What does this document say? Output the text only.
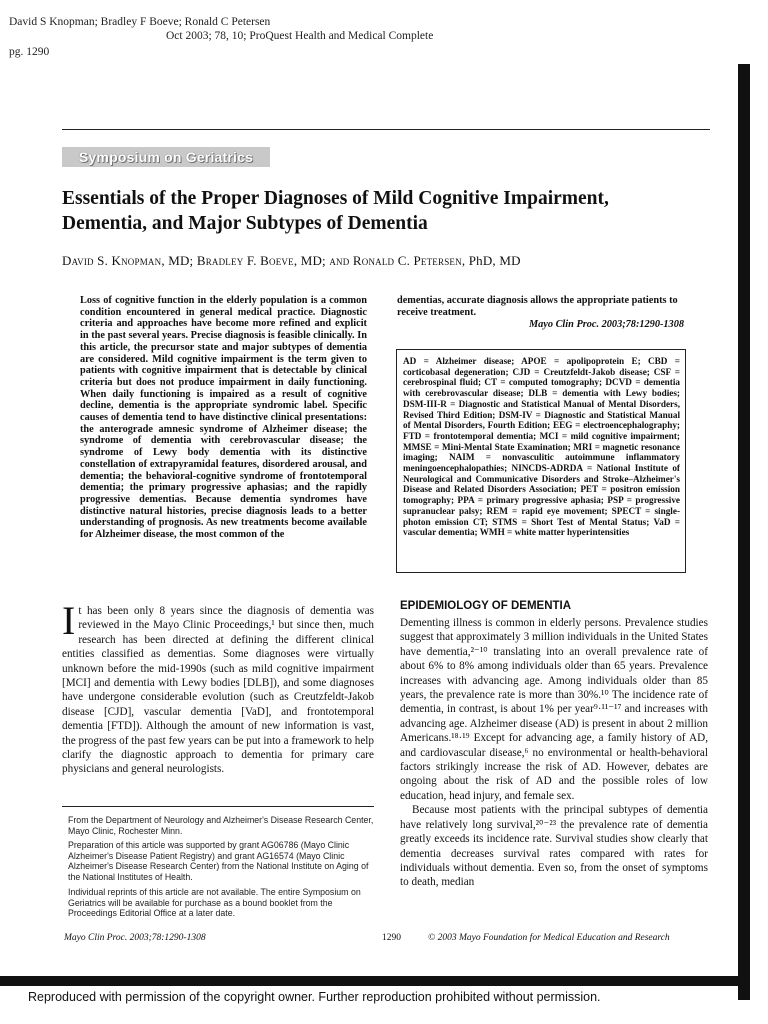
David S Knopman; Bradley F Boeve; Ronald C Petersen
Oct 2003; 78, 10; ProQuest Health and Medical Complete
pg. 1290
Symposium on Geriatrics
Essentials of the Proper Diagnoses of Mild Cognitive Impairment,
Dementia, and Major Subtypes of Dementia
David S. Knopman, MD; Bradley F. Boeve, MD; and Ronald C. Petersen, PhD, MD
Loss of cognitive function in the elderly population is a common condition encountered in general medical practice. Diagnostic criteria and approaches have become more refined and explicit in the past several years. Precise diagnosis is feasible clinically. In this article, the precursor state and major subtypes of dementia are considered. Mild cognitive impairment is the term given to patients with cognitive impairment that is detectable by clinical criteria but does not produce impairment in daily functioning. When daily functioning is impaired as a result of cognitive decline, dementia is the appropriate syndromic label. Specific causes of dementia tend to have distinctive clinical presentations: the anterograde amnesic syndrome of Alzheimer disease; the syndrome of dementia with cerebrovascular disease; the syndrome of Lewy body dementia with its distinctive constellation of extrapyramidal features, disordered arousal, and dementia; the behavioral-cognitive syndrome of frontotemporal dementia; the primary progressive aphasias; and the rapidly progressive dementias. Because dementia syndromes have distinctive natural histories, precise diagnosis leads to a better understanding of prognosis. As new treatments become available for Alzheimer disease, the most common of the
dementias, accurate diagnosis allows the appropriate patients to receive treatment.
Mayo Clin Proc. 2003;78:1290-1308
AD = Alzheimer disease; APOE = apolipoprotein E; CBD = corticobasal degeneration; CJD = Creutzfeldt-Jakob disease; CSF = cerebrospinal fluid; CT = computed tomography; DCVD = dementia with cerebrovascular disease; DLB = dementia with Lewy bodies; DSM-III-R = Diagnostic and Statistical Manual of Mental Disorders, Revised Third Edition; DSM-IV = Diagnostic and Statistical Manual of Mental Disorders, Fourth Edition; EEG = electroencephalography; FTD = frontotemporal dementia; MCI = mild cognitive impairment; MMSE = Mini-Mental State Examination; MRI = magnetic resonance imaging; NAIM = nonvasculitic autoimmune inflammatory meningoencephalopathies; NINCDS-ADRDA = National Institute of Neurological and Communicative Disorders and Stroke–Alzheimer's Disease and Related Disorders Association; PET = positron emission tomography; PPA = primary progressive aphasia; PSP = progressive supranuclear palsy; REM = rapid eye movement; SPECT = single-photon emission CT; STMS = Short Test of Mental Status; VaD = vascular dementia; WMH = white matter hyperintensities
It has been only 8 years since the diagnosis of dementia was reviewed in the Mayo Clinic Proceedings,¹ but since then, much research has been directed at defining the different clinical entities classified as dementias. Some diagnoses were virtually unknown before the mid-1990s (such as mild cognitive impairment [MCI] and dementia with Lewy bodies [DLB]), and some diagnoses have undergone considerable evolution (such as Creutzfeldt-Jakob disease [CJD], vascular dementia [VaD], and frontotemporal dementia [FTD]). Although the amount of new information is vast, the progress of the past few years can be put into a framework to help clarify the diagnostic approach to dementia for primary care physicians and general neurologists.
EPIDEMIOLOGY OF DEMENTIA

Dementing illness is common in elderly persons. Prevalence studies suggest that approximately 3 million individuals in the United States have dementia,²⁻¹⁰ translating into an overall prevalence rate of about 6% to 8% among individuals older than 65 years. Prevalence increases with advancing age. Among individuals older than 85 years, the prevalence rate is more than 30%.¹⁰ The incidence rate of dementia, in contrast, is about 1% per year⁹·¹¹⁻¹⁷ and increases with advancing age. Alzheimer disease (AD) is present in about 2 million Americans.¹⁸·¹⁹ Except for advancing age, a family history of AD, and cardiovascular disease,⁶ no environmental or health-behavioral factors strikingly increase the risk of AD. However, debates are ongoing about the risk of AD and the possible roles of low education, head injury, and female sex.

Because most patients with the principal subtypes of dementia have relatively long survival,²⁰⁻²³ the prevalence rate of dementia greatly exceeds its incidence rate. Survival studies show clearly that dementia decreases survival rates compared with rates for individuals without dementia. Even so, from the onset of symptoms to death, median

From the Department of Neurology and Alzheimer's Disease Research Center, Mayo Clinic, Rochester Minn.
Preparation of this article was supported by grant AG06786 (Mayo Clinic Alzheimer's Disease Patient Registry) and grant AG16574 (Mayo Clinic Alzheimer's Disease Research Center) from the National Institute on Aging of the National Institutes of Health.
Individual reprints of this article are not available. The entire Symposium on Geriatrics will be available for purchase as a bound booklet from the Proceedings Editorial Office at a later date.
Mayo Clin Proc. 2003;78:1290-1308	1290	© 2003 Mayo Foundation for Medical Education and Research
Reproduced with permission of the copyright owner. Further reproduction prohibited without permission.
